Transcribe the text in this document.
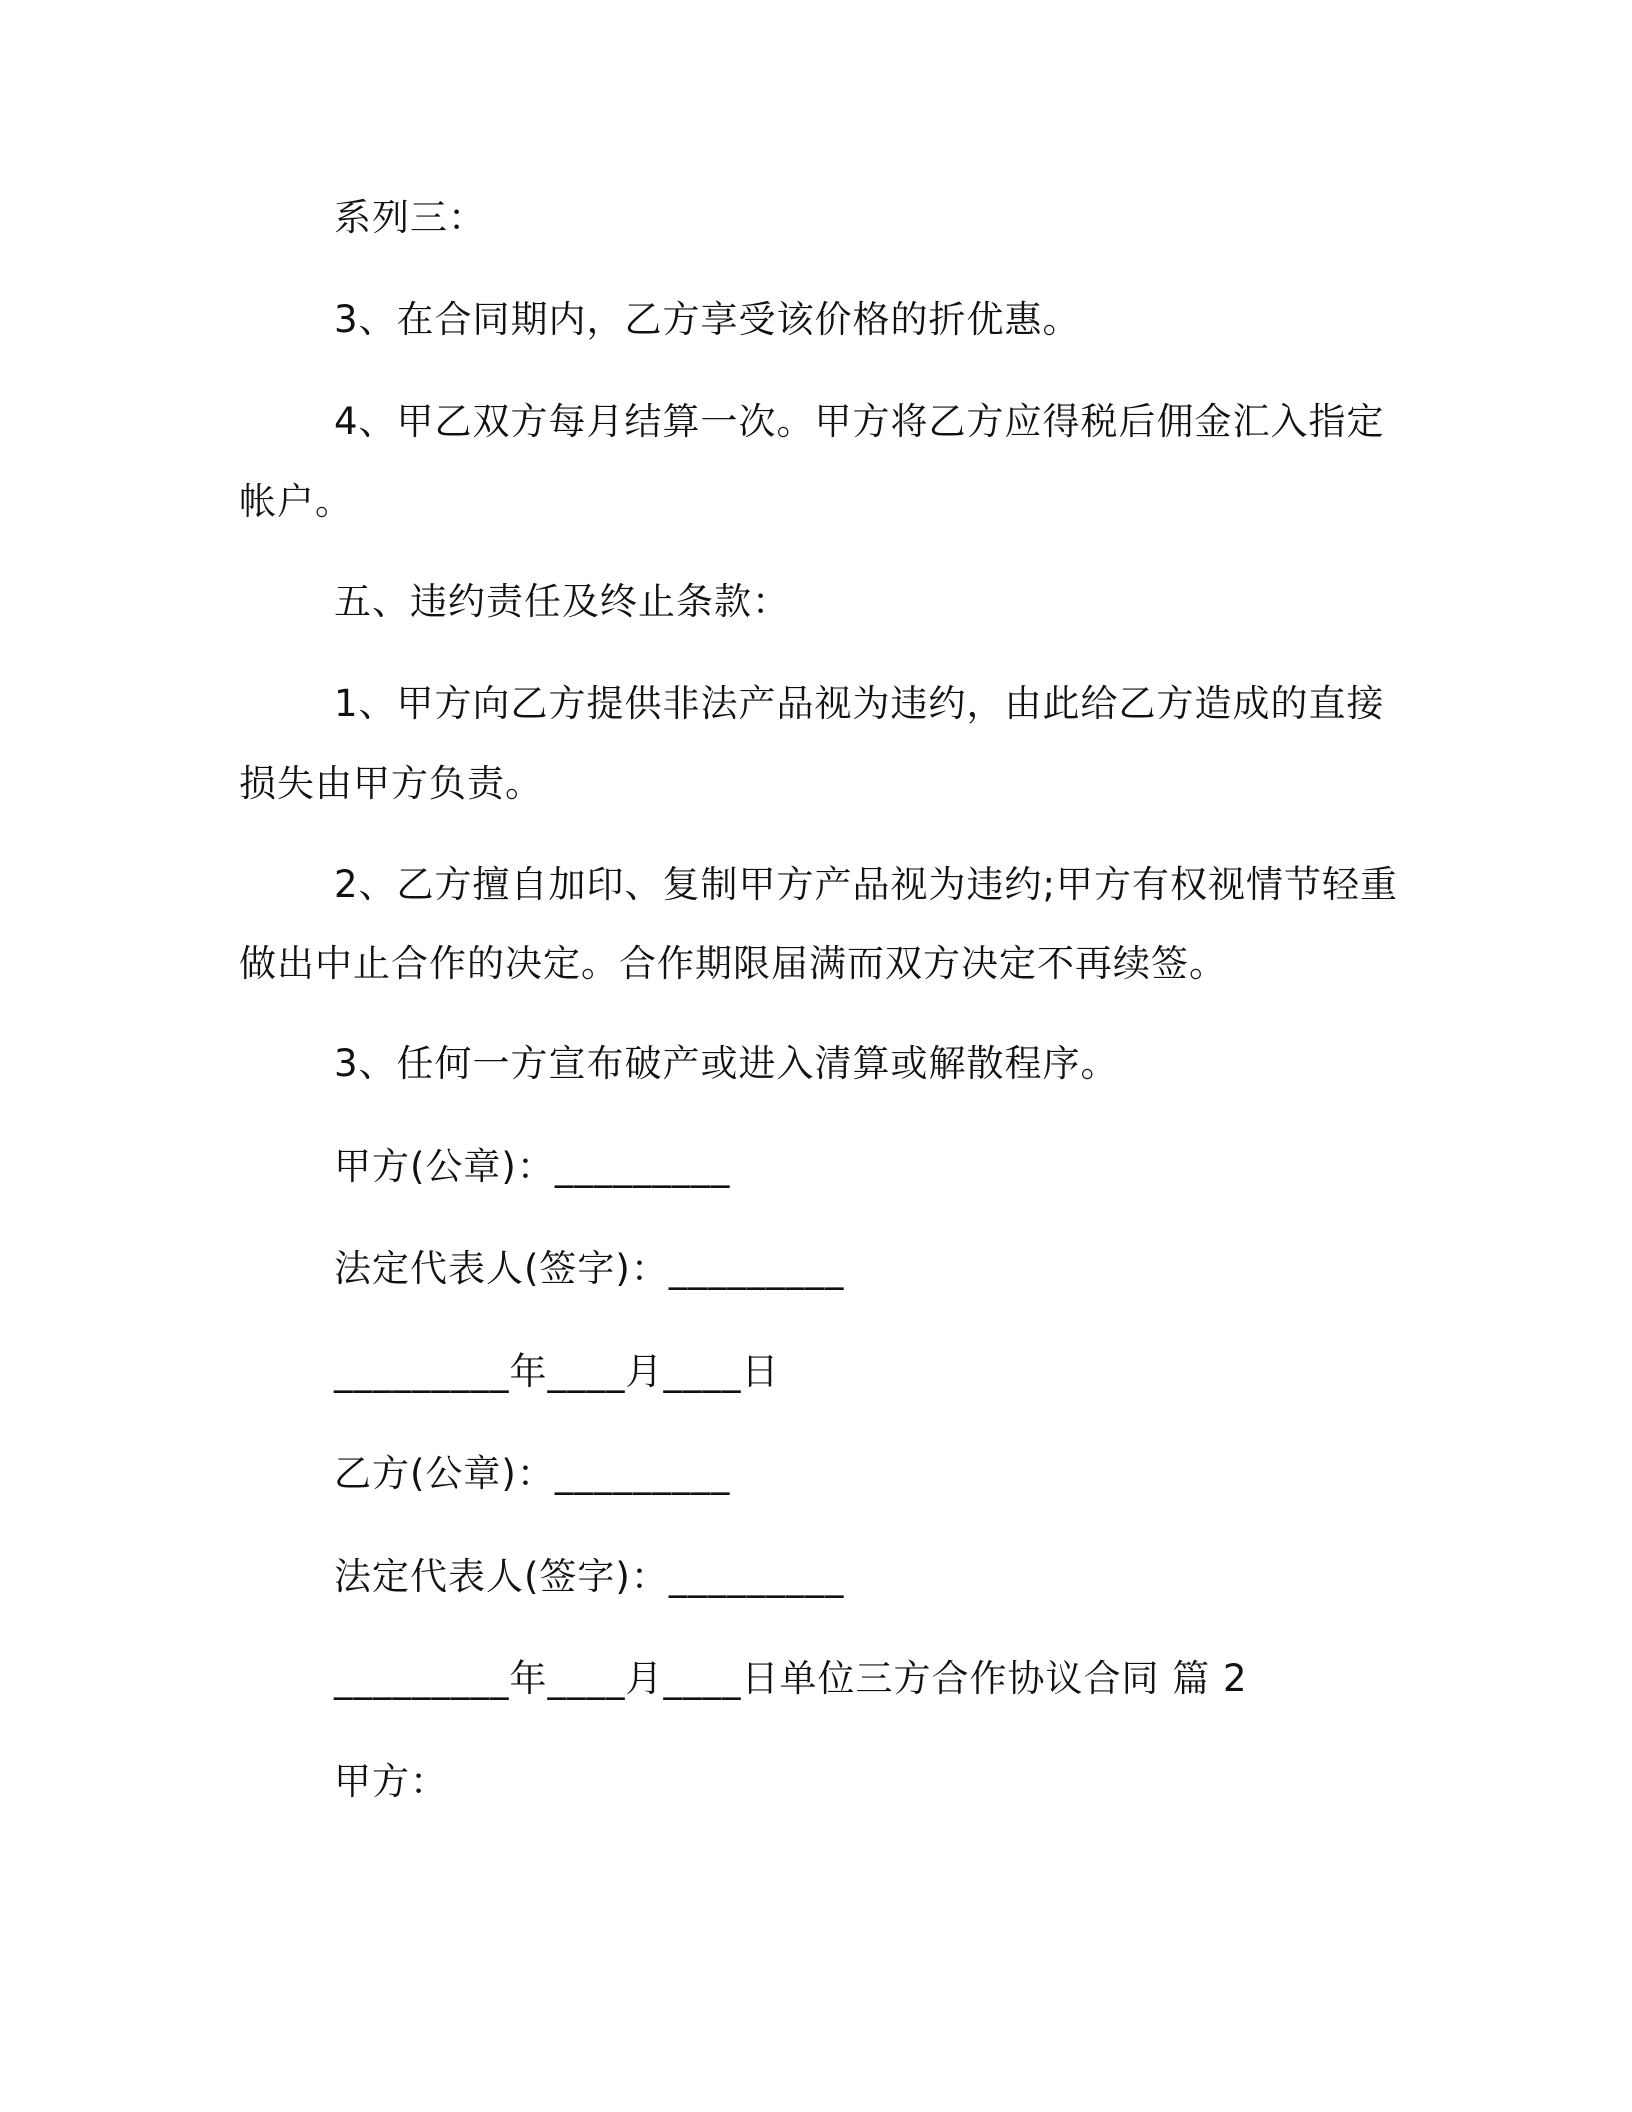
系列三：
3、在合同期内，乙方享受该价格的折优惠。
4、甲乙双方每月结算一次。甲方将乙方应得税后佣金汇入指定
帐户。
五、违约责任及终止条款：
1、甲方向乙方提供非法产品视为违约，由此给乙方造成的直接
损失由甲方负责。
2、乙方擅自加印、复制甲方产品视为违约;甲方有权视情节轻重
做出中止合作的决定。合作期限届满而双方决定不再续签。
3、任何一方宣布破产或进入清算或解散程序。
甲方(公章)：_________
法定代表人(签字)：_________
_________年____月____日
乙方(公章)：_________
法定代表人(签字)：_________
_________年____月____日单位三方合作协议合同 篇 2
甲方：
